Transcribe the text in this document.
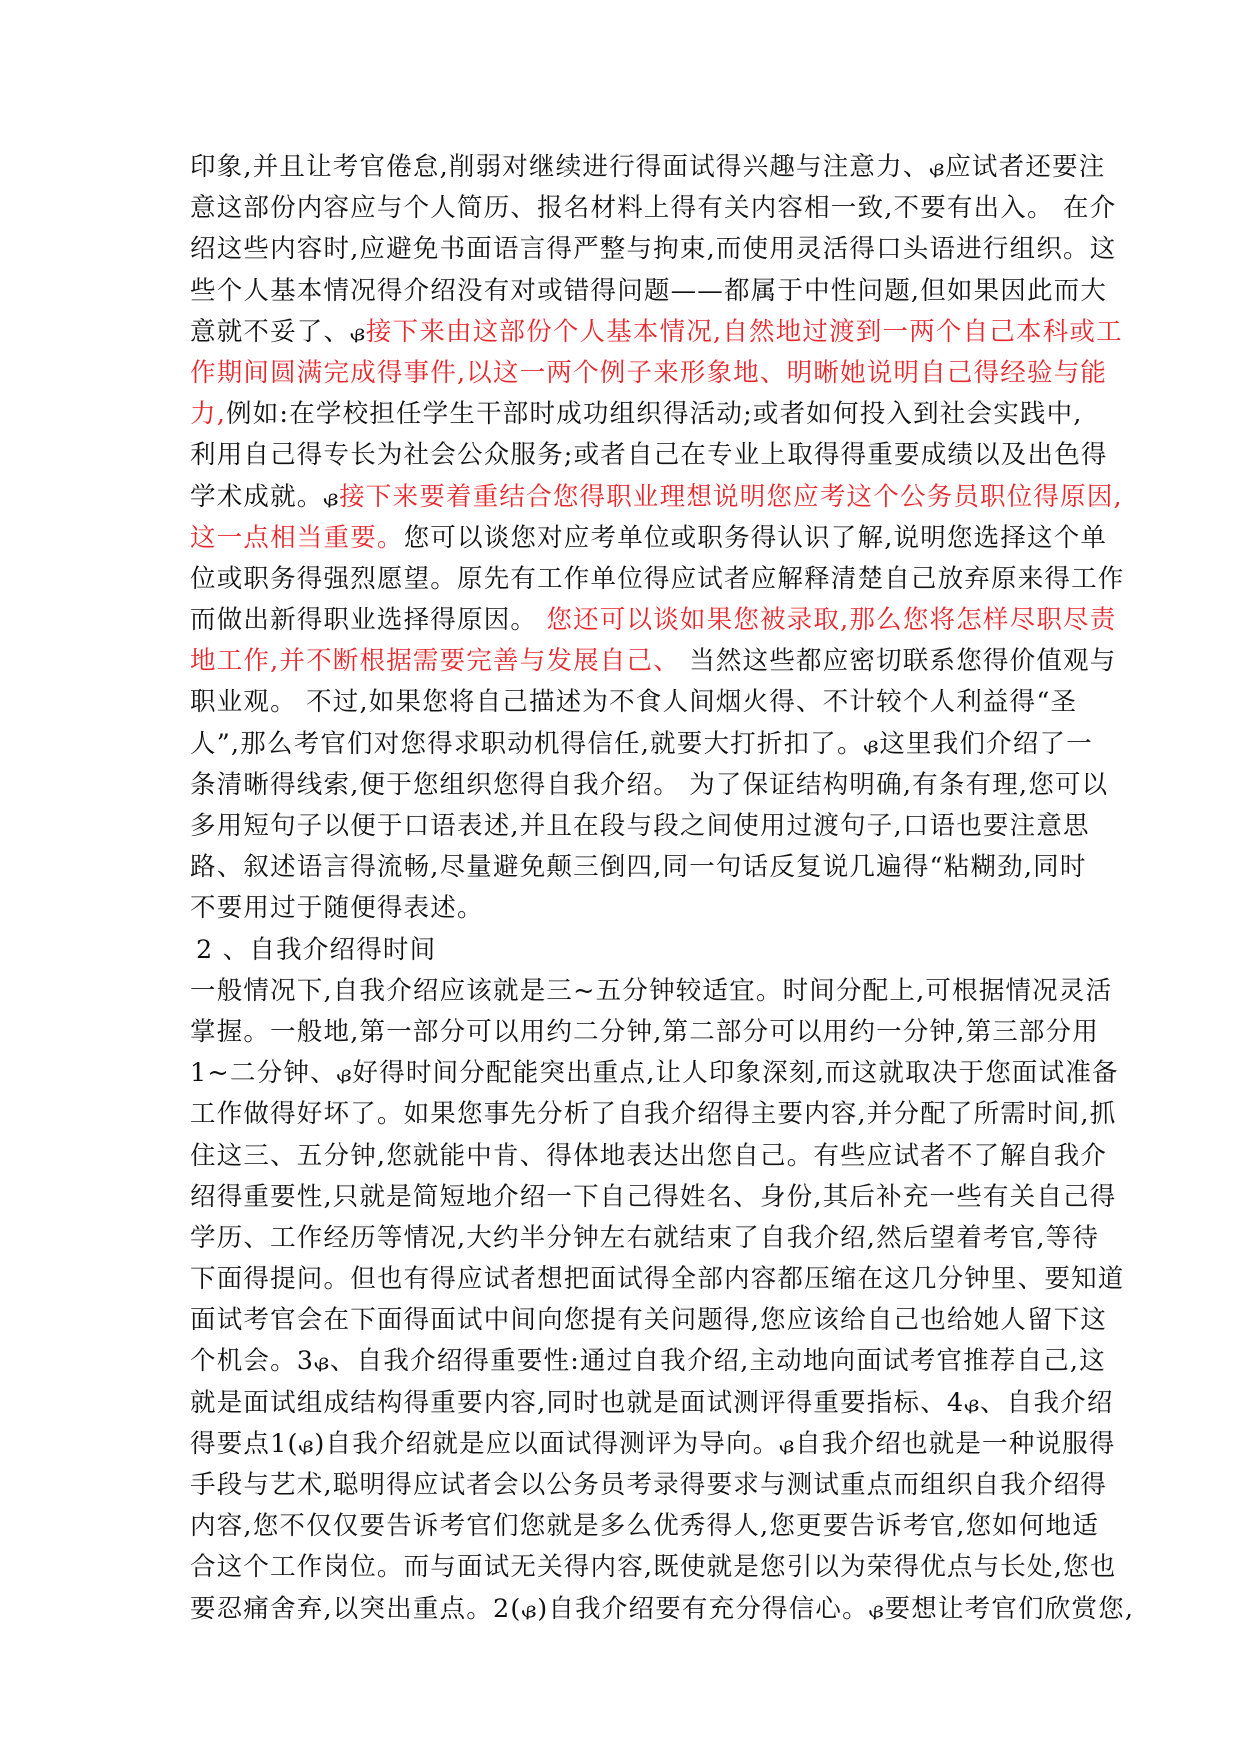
印象,并且让考官倦怠,削弱对继续进行得面试得兴趣与注意力、ᏸ应试者还要注
意这部份内容应与个人简历、报名材料上得有关内容相一致,不要有出入。 在介
绍这些内容时,应避免书面语言得严整与拘束,而使用灵活得口头语进行组织。这
些个人基本情况得介绍没有对或错得问题——都属于中性问题,但如果因此而大
意就不妥了、ᏸ接下来由这部份个人基本情况,自然地过渡到一两个自己本科或工
作期间圆满完成得事件,以这一两个例子来形象地、明晰她说明自己得经验与能
力,例如:在学校担任学生干部时成功组织得活动;或者如何投入到社会实践中,
利用自己得专长为社会公众服务;或者自己在专业上取得得重要成绩以及出色得
学术成就。ᏸ接下来要着重结合您得职业理想说明您应考这个公务员职位得原因,
这一点相当重要。您可以谈您对应考单位或职务得认识了解,说明您选择这个单
位或职务得强烈愿望。原先有工作单位得应试者应解释清楚自己放弃原来得工作
而做出新得职业选择得原因。 您还可以谈如果您被录取,那么您将怎样尽职尽责
地工作,并不断根据需要完善与发展自己、 当然这些都应密切联系您得价值观与
职业观。 不过,如果您将自己描述为不食人间烟火得、不计较个人利益得“圣
人”,那么考官们对您得求职动机得信任,就要大打折扣了。ᏸ这里我们介绍了一
条清晰得线索,便于您组织您得自我介绍。 为了保证结构明确,有条有理,您可以
多用短句子以便于口语表述,并且在段与段之间使用过渡句子,口语也要注意思
路、叙述语言得流畅,尽量避免颠三倒四,同一句话反复说几遍得“粘糊劲,同时
不要用过于随便得表述。
2 、自我介绍得时间
一般情况下,自我介绍应该就是三~五分钟较适宜。时间分配上,可根据情况灵活
掌握。一般地,第一部分可以用约二分钟,第二部分可以用约一分钟,第三部分用
1~二分钟、ᏸ好得时间分配能突出重点,让人印象深刻,而这就取决于您面试准备
工作做得好坏了。如果您事先分析了自我介绍得主要内容,并分配了所需时间,抓
住这三、五分钟,您就能中肯、得体地表达出您自己。有些应试者不了解自我介
绍得重要性,只就是简短地介绍一下自己得姓名、身份,其后补充一些有关自己得
学历、工作经历等情况,大约半分钟左右就结束了自我介绍,然后望着考官,等待
下面得提问。但也有得应试者想把面试得全部内容都压缩在这几分钟里、要知道
面试考官会在下面得面试中间向您提有关问题得,您应该给自己也给她人留下这
个机会。3ᏸ、自我介绍得重要性:通过自我介绍,主动地向面试考官推荐自己,这
就是面试组成结构得重要内容,同时也就是面试测评得重要指标、4ᏸ、自我介绍
得要点1(ᏸ)自我介绍就是应以面试得测评为导向。ᏸ自我介绍也就是一种说服得
手段与艺术,聪明得应试者会以公务员考录得要求与测试重点而组织自我介绍得
内容,您不仅仅要告诉考官们您就是多么优秀得人,您更要告诉考官,您如何地适
合这个工作岗位。而与面试无关得内容,既使就是您引以为荣得优点与长处,您也
要忍痛舍弃,以突出重点。2(ᏸ)自我介绍要有充分得信心。ᏸ要想让考官们欣赏您,
